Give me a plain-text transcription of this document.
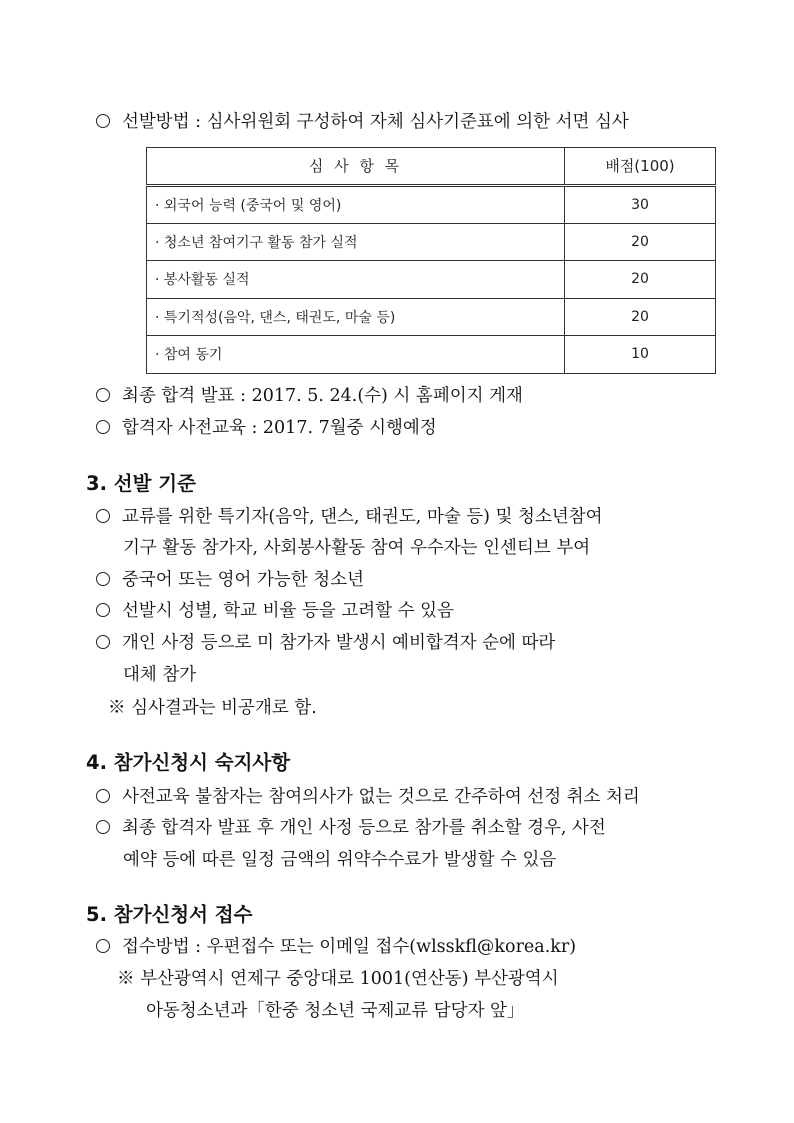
선발방법 : 심사위원회 구성하여 자체 심사기준표에 의한 서면 심사
심 사 항 목	배점(100)
· 외국어 능력 (중국어 및 영어)	30
· 청소년 참여기구 활동 참가 실적	20
· 봉사활동 실적	20
· 특기적성(음악, 댄스, 태권도, 마술 등)	20
· 참여 동기	10
최종 합격 발표 : 2017. 5. 24.(수) 시 홈페이지 게재
합격자 사전교육 : 2017. 7월중 시행예정
3. 선발 기준
교류를 위한 특기자(음악, 댄스, 태권도, 마술 등) 및 청소년참여
기구 활동 참가자, 사회봉사활동 참여 우수자는 인센티브 부여
중국어 또는 영어 가능한 청소년
선발시 성별, 학교 비율 등을 고려할 수 있음
개인 사정 등으로 미 참가자 발생시 예비합격자 순에 따라
대체 참가
※ 심사결과는 비공개로 함.
4. 참가신청시 숙지사항
사전교육 불참자는 참여의사가 없는 것으로 간주하여 선정 취소 처리
최종 합격자 발표 후 개인 사정 등으로 참가를 취소할 경우, 사전
예약 등에 따른 일정 금액의 위약수수료가 발생할 수 있음
5. 참가신청서 접수
접수방법 : 우편접수 또는 이메일 접수(wlsskfl@korea.kr)
※ 부산광역시 연제구 중앙대로 1001(연산동) 부산광역시
아동청소년과「한중 청소년 국제교류 담당자 앞」
